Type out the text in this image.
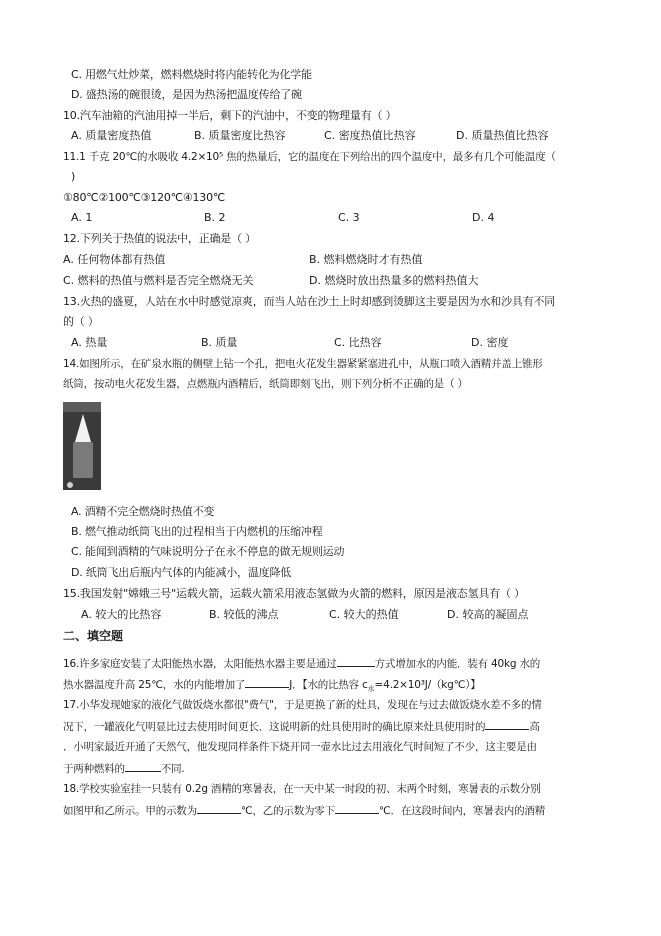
C. 用燃气灶炒菜，燃料燃烧时将内能转化为化学能
D. 盛热汤的碗很烫，是因为热汤把温度传给了碗
10.汽车油箱的汽油用掉一半后，剩下的汽油中，不变的物理量有（ ）
A. 质量密度热值	B. 质量密度比热容	C. 密度热值比热容	D. 质量热值比热容
11.1 千克 20℃的水吸收 4.2×10⁵ 焦的热量后，它的温度在下列给出的四个温度中，最多有几个可能温度（
)
①80℃②100℃③120℃④130℃
A. 1	B. 2	C. 3	D. 4
12.下列关于热值的说法中，正确是（ ）
A. 任何物体都有热值	B. 燃料燃烧时才有热值
C. 燃料的热值与燃料是否完全燃烧无关	D. 燃烧时放出热量多的燃料热值大
13.火热的盛夏，人站在水中时感觉凉爽，而当人站在沙土上时却感到烫脚这主要是因为水和沙具有不同
的（ ）
A. 热量	B. 质量	C. 比热容	D. 密度
14.如图所示，在矿泉水瓶的侧壁上钻一个孔，把电火花发生器紧紧塞进孔中，从瓶口喷入酒精并盖上锥形
纸筒，按动电火花发生器，点燃瓶内酒精后，纸筒即刻飞出，则下列分析不正确的是（ ）
A. 酒精不完全燃烧时热值不变
B. 燃气推动纸筒飞出的过程相当于内燃机的压缩冲程
C. 能闻到酒精的气味说明分子在永不停息的做无规则运动
D. 纸筒飞出后瓶内气体的内能减小，温度降低
15.我国发射"嫦娥三号"运载火箭，运载火箭采用液态氢做为火箭的燃料，原因是液态氢具有（ ）
A. 较大的比热容	B. 较低的沸点	C. 较大的热值	D. 较高的凝固点
二、填空题
16.许多家庭安装了太阳能热水器，太阳能热水器主要是通过	方式增加水的内能．装有 40kg 水的
热水器温度升高 25℃，水的内能增加了	J．【水的比热容 $c_水=4.2\times 10^3J/(kg℃)$】
17.小华发现她家的液化气做饭烧水都很"费气"，于是更换了新的灶具，发现在与过去做饭烧水差不多的情
况下，一罐液化气明显比过去使用时间更长．这说明新的灶具使用时的确比原来灶具使用时的	高
．小明家最近开通了天然气，他发现同样条件下烧开同一壶水比过去用液化气时间短了不少，这主要是由
于两种燃料的	不同.
18.学校实验室挂一只装有 0.2g 酒精的寒暑表，在一天中某一时段的初、末两个时刻，寒暑表的示数分别
如图甲和乙所示。甲的示数为	℃，乙的示数为零下	℃．在这段时间内，寒暑表内的酒精
